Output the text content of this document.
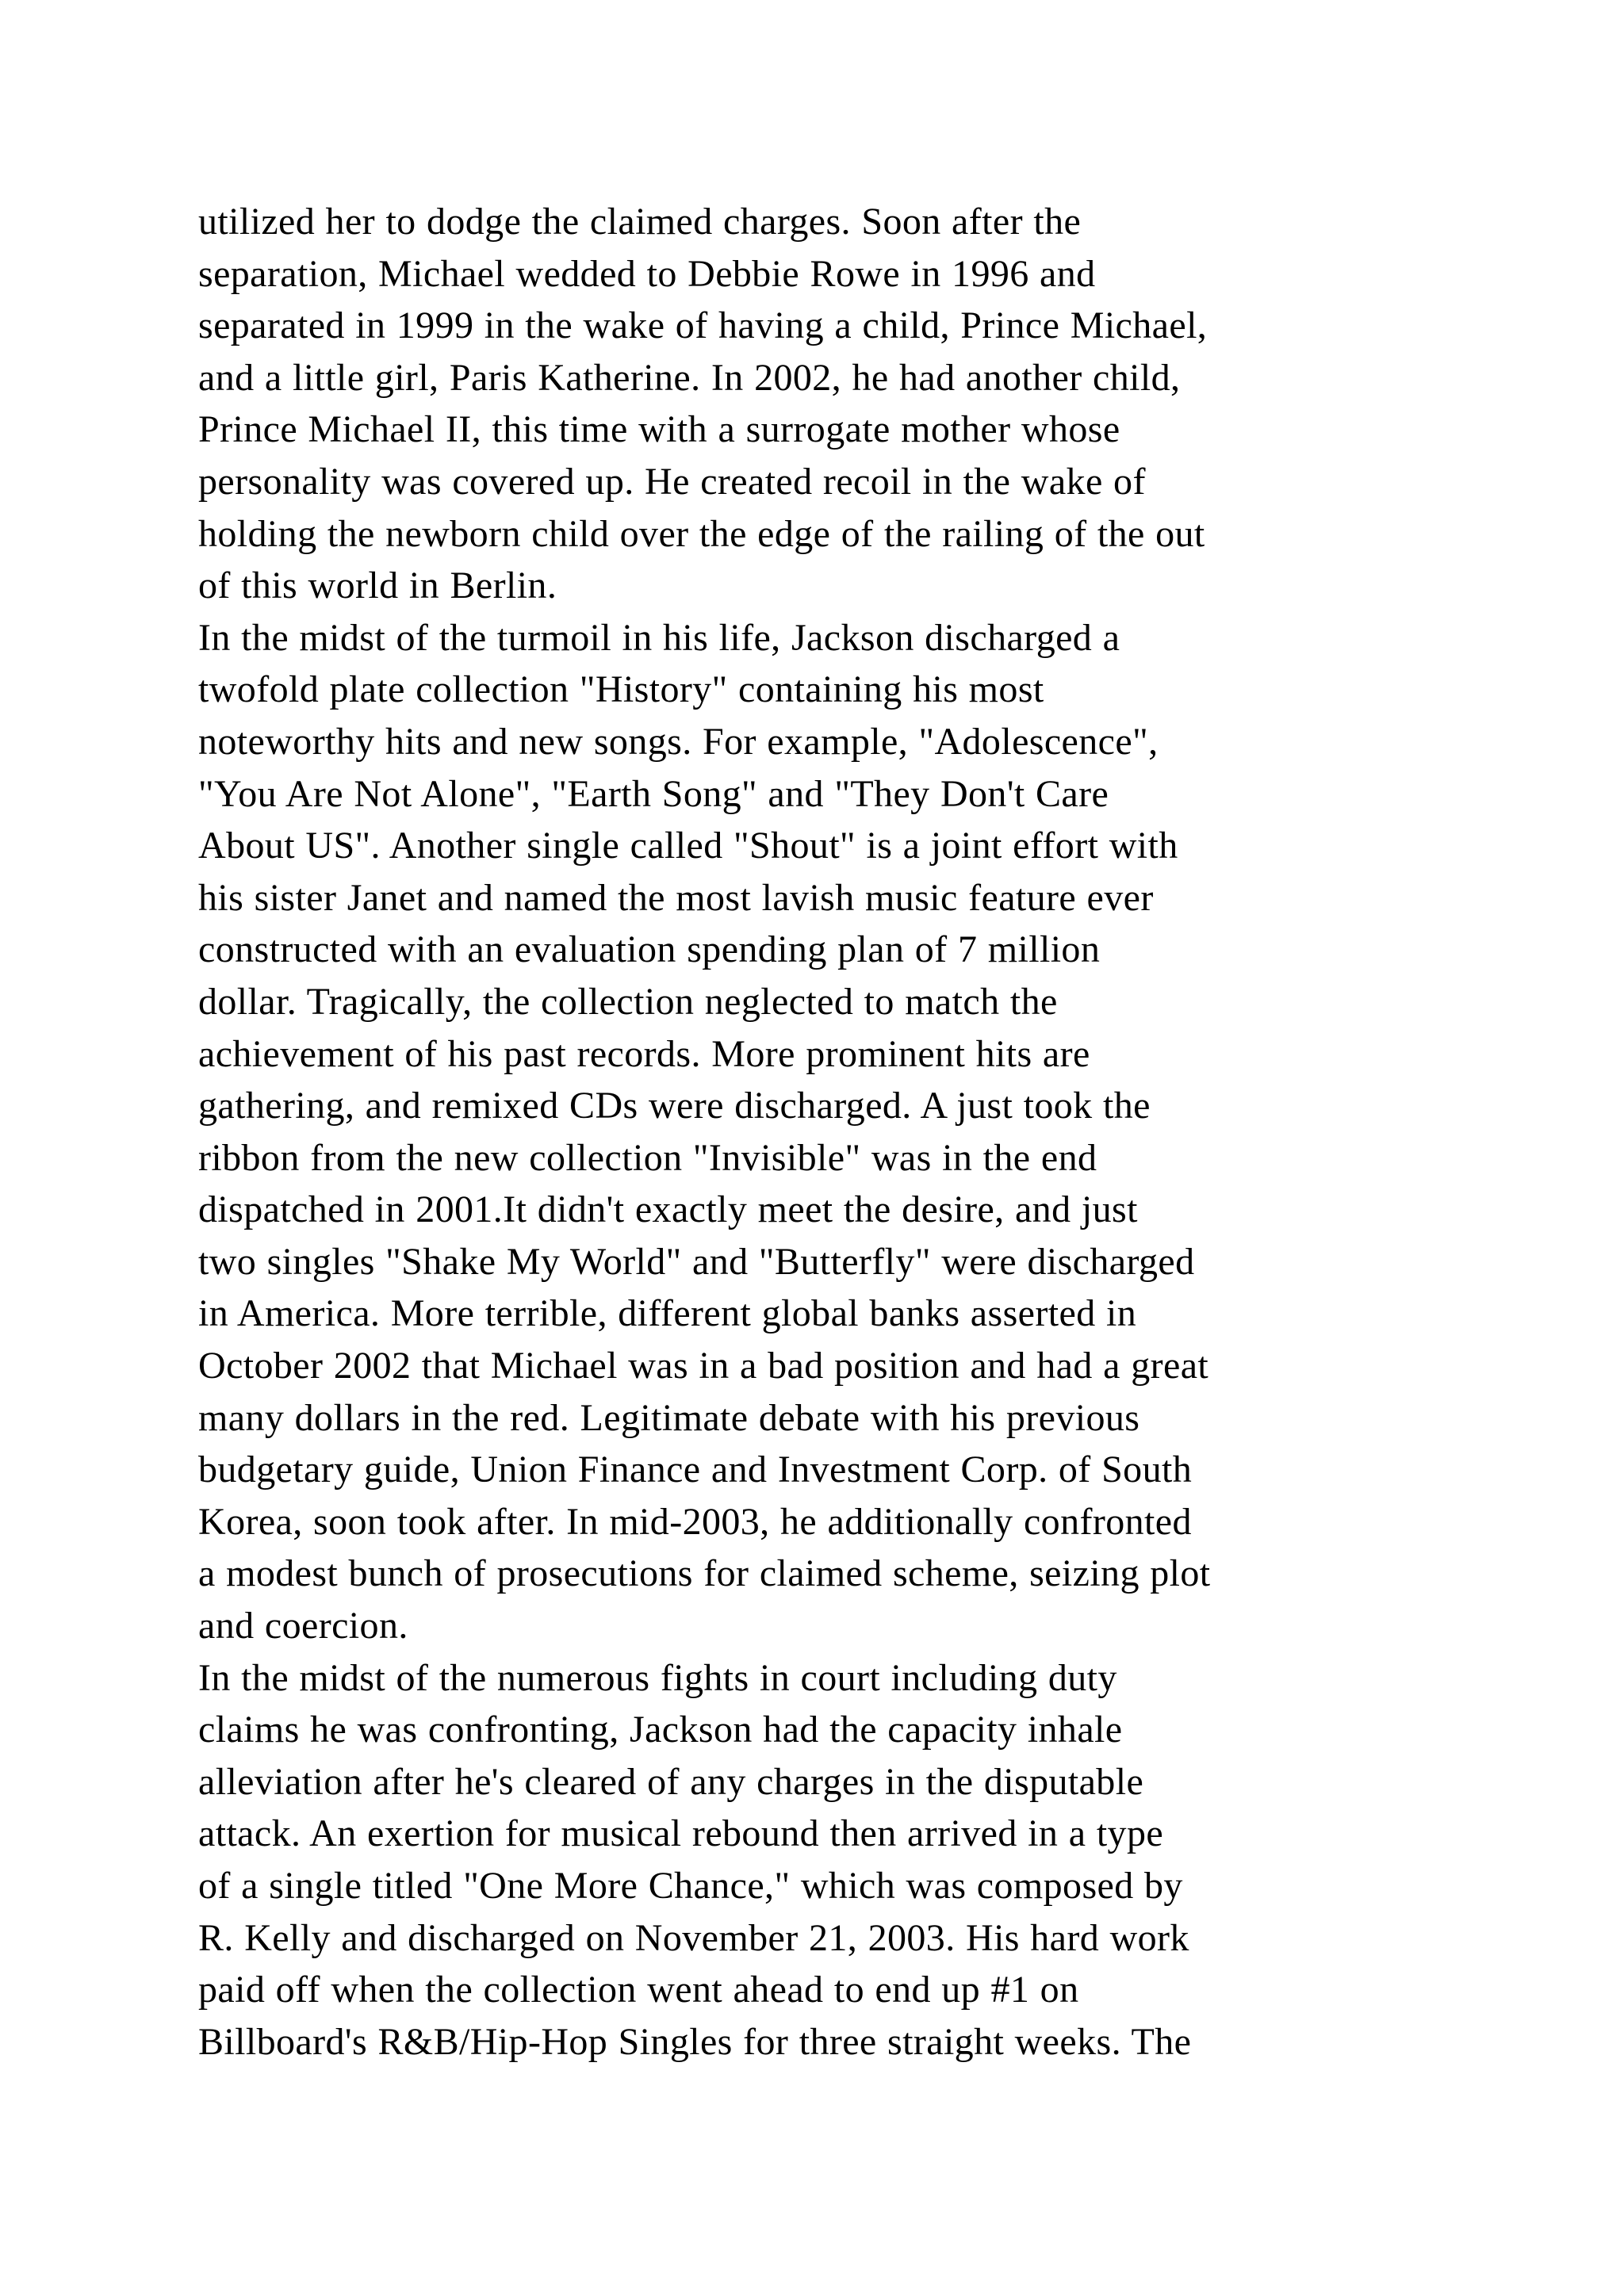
utilized her to dodge the claimed charges. Soon after the
separation, Michael wedded to Debbie Rowe in 1996 and
separated in 1999 in the wake of having a child, Prince Michael,
and a little girl, Paris Katherine. In 2002, he had another child,
Prince Michael II, this time with a surrogate mother whose
personality was covered up. He created recoil in the wake of
holding the newborn child over the edge of the railing of the out
of this world in Berlin.
In the midst of the turmoil in his life, Jackson discharged a
twofold plate collection "History" containing his most
noteworthy hits and new songs. For example, "Adolescence",
"You Are Not Alone", "Earth Song" and "They Don't Care
About US". Another single called "Shout" is a joint effort with
his sister Janet and named the most lavish music feature ever
constructed with an evaluation spending plan of 7 million
dollar. Tragically, the collection neglected to match the
achievement of his past records. More prominent hits are
gathering, and remixed CDs were discharged. A just took the
ribbon from the new collection "Invisible" was in the end
dispatched in 2001.It didn't exactly meet the desire, and just
two singles "Shake My World" and "Butterfly" were discharged
in America. More terrible, different global banks asserted in
October 2002 that Michael was in a bad position and had a great
many dollars in the red. Legitimate debate with his previous
budgetary guide, Union Finance and Investment Corp. of South
Korea, soon took after. In mid-2003, he additionally confronted
a modest bunch of prosecutions for claimed scheme, seizing plot
and coercion.
In the midst of the numerous fights in court including duty
claims he was confronting, Jackson had the capacity inhale
alleviation after he's cleared of any charges in the disputable
attack. An exertion for musical rebound then arrived in a type
of a single titled "One More Chance," which was composed by
R. Kelly and discharged on November 21, 2003. His hard work
paid off when the collection went ahead to end up #1 on
Billboard's R&B/Hip-Hop Singles for three straight weeks. The
